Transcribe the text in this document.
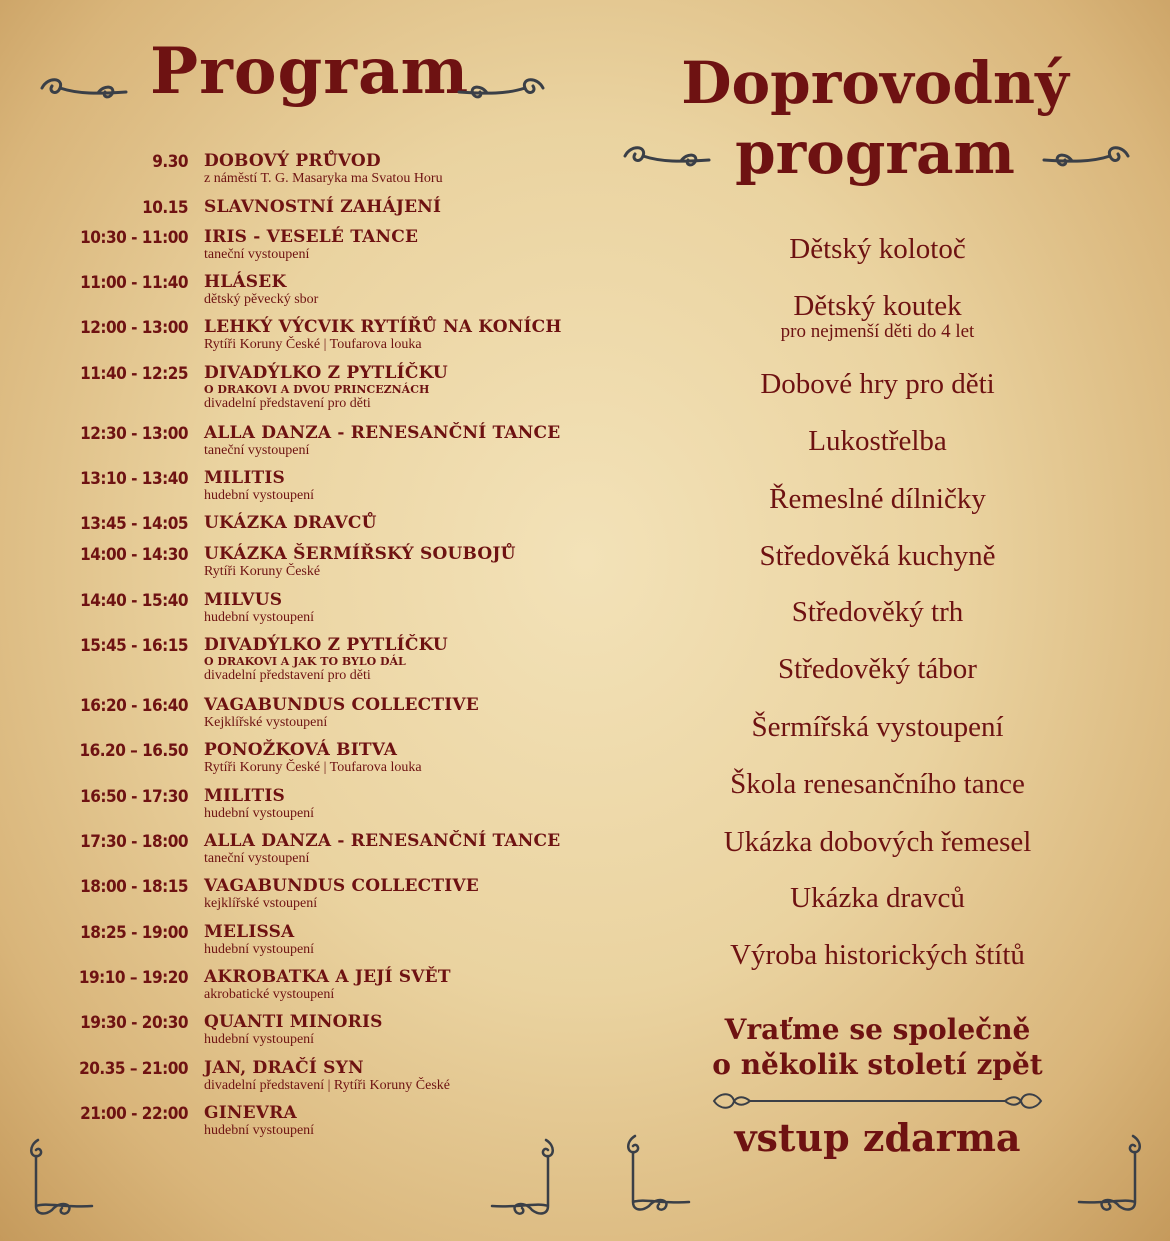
Program
9.30 DOBOVÝ PRŮVOD
z náměstí T. G. Masaryka ma Svatou Horu
10.15 SLAVNOSTNÍ ZAHÁJENÍ
10:30 - 11:00 IRIS - VESELÉ TANCE
taneční vystoupení
11:00 - 11:40 HLÁSEK
dětský pěvecký sbor
12:00 - 13:00 LEHKÝ VÝCVIK RYTÍŘŮ NA KONÍCH
Rytíři Koruny České | Toufarova louka
11:40 - 12:25 DIVADÝLKO Z PYTLÍČKU
O DRAKOVI A DVOU PRINCEZNÁCH
divadelní představení pro děti
12:30 - 13:00 ALLA DANZA - RENESANČNÍ TANCE
taneční vystoupení
13:10 - 13:40 MILITIS
hudební vystoupení
13:45 - 14:05 UKÁZKA DRAVCŮ
14:00 - 14:30 UKÁZKA ŠERMÍŘSKÝ SOUBOJŮ
Rytíři Koruny České
14:40 - 15:40 MILVUS
hudební vystoupení
15:45 - 16:15 DIVADÝLKO Z PYTLÍČKU
O DRAKOVI A JAK TO BYLO DÁL
divadelní představení pro děti
16:20 - 16:40 VAGABUNDUS COLLECTIVE
Kejklířské vystoupení
16.20 – 16.50 PONOŽKOVÁ BITVA
Rytíři Koruny České | Toufarova louka
16:50 - 17:30 MILITIS
hudební vystoupení
17:30 - 18:00 ALLA DANZA - RENESANČNÍ TANCE
taneční vystoupení
18:00 - 18:15 VAGABUNDUS COLLECTIVE
kejklířské vstoupení
18:25 - 19:00 MELISSA
hudební vystoupení
19:10 – 19:20 AKROBATKA A JEJÍ SVĚT
akrobatické vystoupení
19:30 - 20:30 QUANTI MINORIS
hudební vystoupení
20.35 – 21:00 JAN, DRAČÍ SYN
divadelní představení | Rytíři Koruny České
21:00 - 22:00 GINEVRA
hudební vystoupení
Doprovodný
program
Dětský kolotoč
Dětský koutek
pro nejmenší děti do 4 let
Dobové hry pro děti
Lukostřelba
Řemeslné dílničky
Středověká kuchyně
Středověký trh
Středověký tábor
Šermířská vystoupení
Škola renesančního tance
Ukázka dobových řemesel
Ukázka dravců
Výroba historických štítů
Vraťme se společně
o několik století zpět
vstup zdarma
